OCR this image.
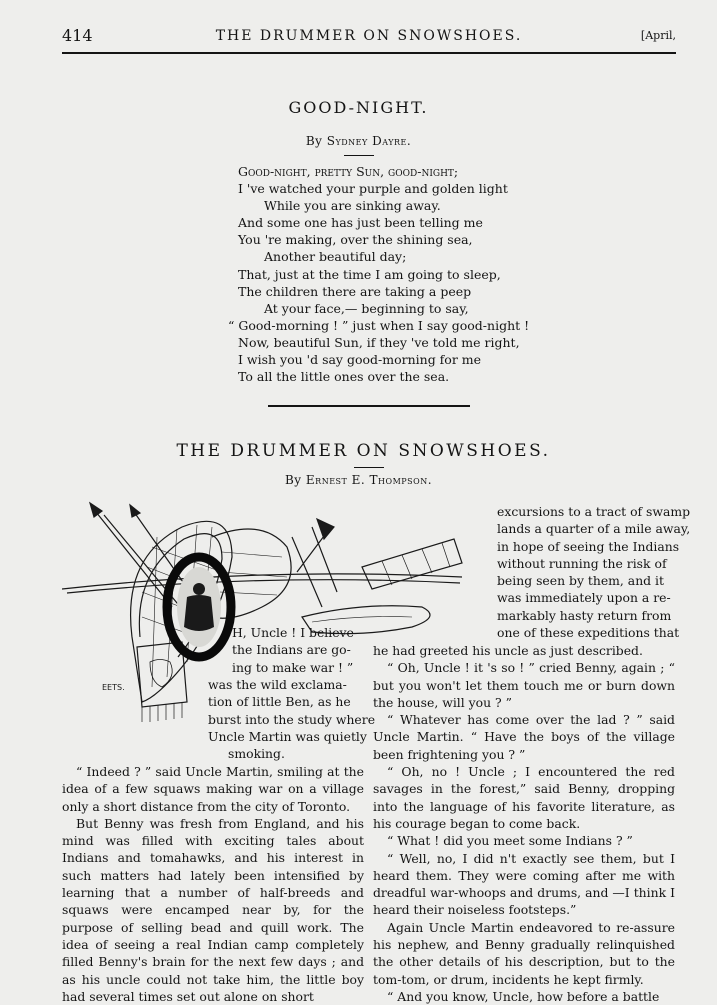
414	THE DRUMMER ON SNOWSHOES.	[April,
GOOD-NIGHT.
By Sydney Dayre.
Good-night, pretty Sun, good-night;
I 've watched your purple and golden light
While you are sinking away.
And some one has just been telling me
You 're making, over the shining sea,
Another beautiful day;
That, just at the time I am going to sleep,
The children there are taking a peep
At your face,— beginning to say,
“ Good-morning ! ” just when I say good-night !
Now, beautiful Sun, if they 've told me right,
I wish you 'd say good-morning for me
To all the little ones over the sea.
THE DRUMMER ON SNOWSHOES.
By Ernest E. Thompson.
EETS.
H, Uncle ! I believe
the Indians are go-
ing to make war ! ”
was the wild exclama-
tion of little Ben, as he
burst into the study where
Uncle Martin was quietly
smoking.

“ Indeed ? ” said Uncle Martin, smiling at the idea of a few squaws making war on a village only a short distance from the city of Toronto.

But Benny was fresh from England, and his mind was filled with exciting tales about Indians and tomahawks, and his interest in such matters had lately been intensified by learning that a number of half-breeds and squaws were encamped near by, for the purpose of selling bead and quill work. The idea of seeing a real Indian camp completely filled Benny's brain for the next few days ; and as his uncle could not take him, the little boy had several times set out alone on short

excursions to a tract of swamp
lands a quarter of a mile away,
in hope of seeing the Indians
without running the risk of
being seen by them, and it
was immediately upon a re-
markably hasty return from
one of these expeditions that

he had greeted his uncle as just described.

“ Oh, Uncle ! it 's so ! ” cried Benny, again ; “ but you won't let them touch me or burn down the house, will you ? ”

“ Whatever has come over the lad ? ” said Uncle Martin. “ Have the boys of the village been frightening you ? ”

“ Oh, no ! Uncle ; I encountered the red savages in the forest,” said Benny, dropping into the language of his favorite literature, as his courage began to come back.

“ What ! did you meet some Indians ? ”

“ Well, no, I did n't exactly see them, but I heard them. They were coming after me with dreadful war-whoops and drums, and —I think I heard their noiseless footsteps.”

Again Uncle Martin endeavored to re-assure his nephew, and Benny gradually relinquished the other details of his description, but to the tom-tom, or drum, incidents he kept firmly.

“ And you know, Uncle, how before a battle
